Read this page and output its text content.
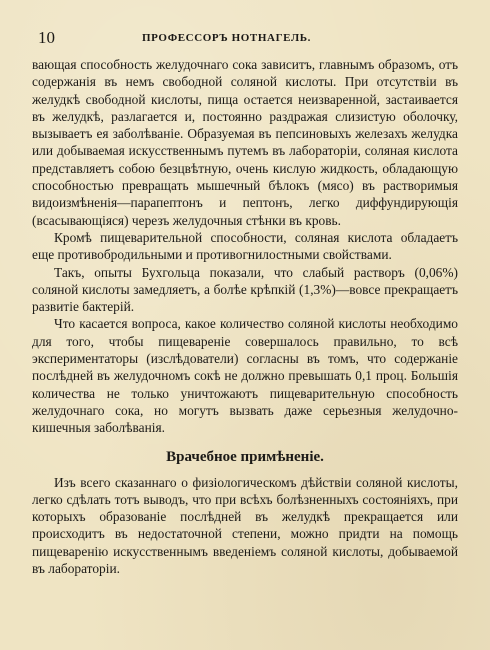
10	ПРОФЕССОРЪ НОТНАГЕЛЬ.

вающая способность желудочнаго сока зависитъ, главнымъ образомъ, отъ содержанія въ немъ свободной соляной кислоты. При отсутствіи въ желудкѣ свободной кислоты, пища остается неизваренной, застаивается въ желудкѣ, разлагается и, постоянно раздражая слизистую оболочку, вызываетъ ея заболѣваніе. Образуемая въ пепсиновыхъ железахъ желудка или добываемая искусственнымъ путемъ въ лабораторіи, соляная кислота представляетъ собою безцвѣтную, очень кислую жидкость, обладающую способностью превращать мышечный бѣлокъ (мясо) въ растворимыя видоизмѣненія—парапептонъ и пептонъ, легко диффундирующія (всасывающіяся) черезъ желудочныя стѣнки въ кровь.

Кромѣ пищеварительной способности, соляная кислота обладаетъ еще противобродильными и противогнилостными свойствами.

Такъ, опыты Бухгольца показали, что слабый растворъ (0,06%) соляной кислоты замедляетъ, а болѣе крѣпкій (1,3%)—вовсе прекращаетъ развитіе бактерій.

Что касается вопроса, какое количество соляной кислоты необходимо для того, чтобы пищевареніе совершалось правильно, то всѣ экспериментаторы (изслѣдователи) согласны въ томъ, что содержаніе послѣдней въ желудочномъ сокѣ не должно превышать 0,1 проц. Большія количества не только уничтожаютъ пищеварительную способность желудочнаго сока, но могутъ вызвать даже серьезныя желудочно-кишечныя заболѣванія.

Врачебное примѣненіе.

Изъ всего сказаннаго о физіологическомъ дѣйствіи соляной кислоты, легко сдѣлать тотъ выводъ, что при всѣхъ болѣзненныхъ состояніяхъ, при которыхъ образованіе послѣдней въ желудкѣ прекращается или происходитъ въ недостаточной степени, можно придти на помощь пищеваренію искусственнымъ введеніемъ соляной кислоты, добываемой въ лабораторіи.
